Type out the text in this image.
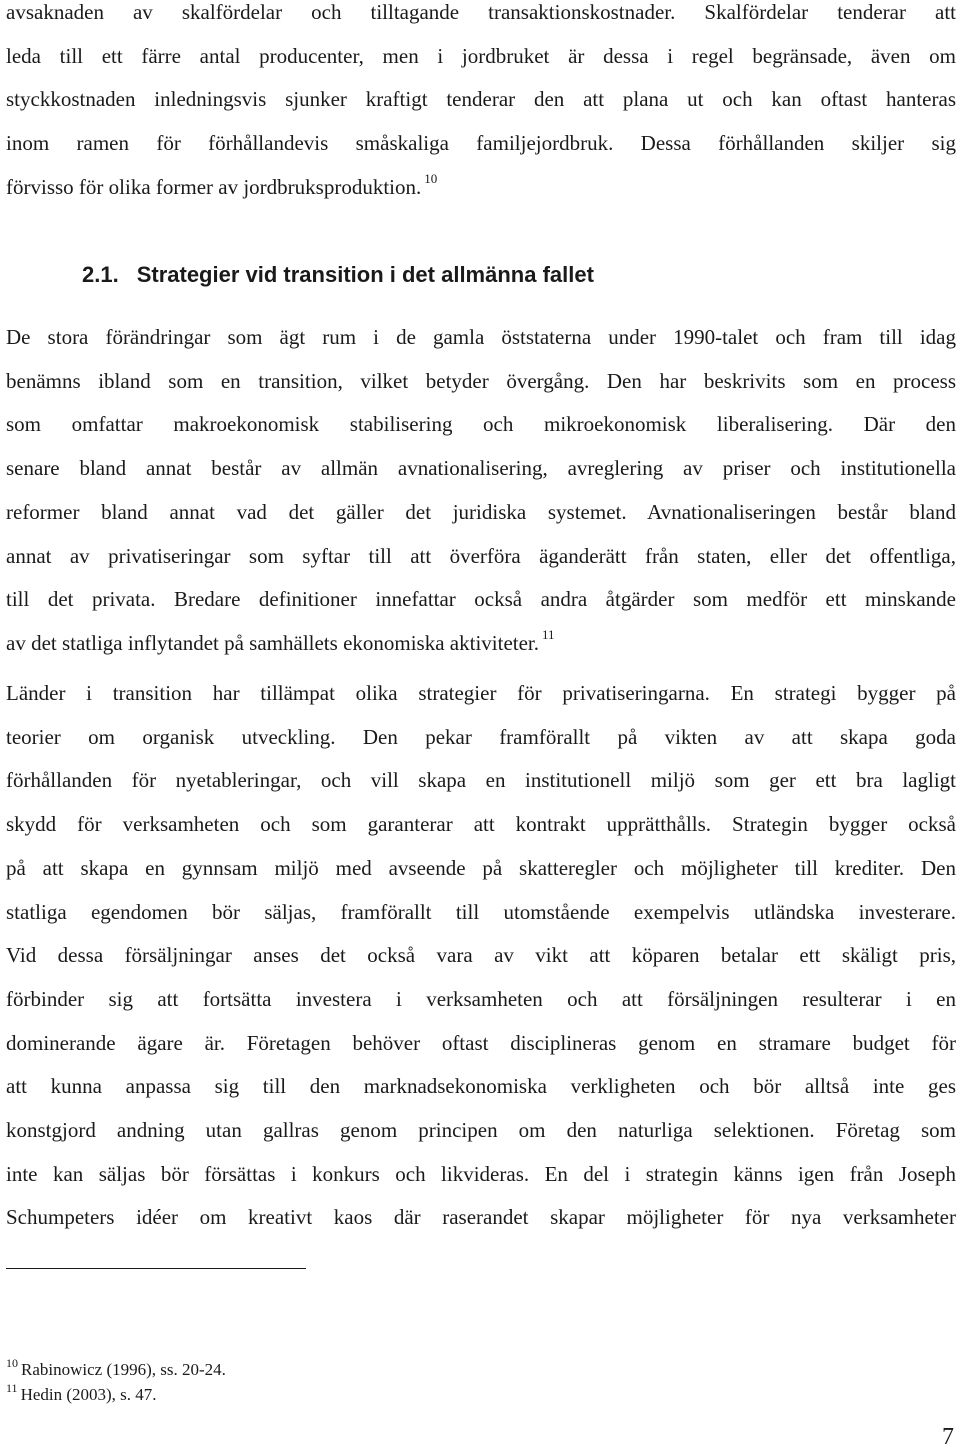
avsaknaden av skalfördelar och tilltagande transaktionskostnader. Skalfördelar tenderar att
leda till ett färre antal producenter, men i jordbruket är dessa i regel begränsade, även om
styckkostnaden inledningsvis sjunker kraftigt tenderar den att plana ut och kan oftast hanteras
inom ramen för förhållandevis småskaliga familjejordbruk. Dessa förhållanden skiljer sig
förvisso för olika former av jordbruksproduktion. $^{10}$
2.1. Strategier vid transition i det allmänna fallet
De stora förändringar som ägt rum i de gamla öststaterna under 1990-talet och fram till idag
benämns ibland som en transition, vilket betyder övergång. Den har beskrivits som en process
som omfattar makroekonomisk stabilisering och mikroekonomisk liberalisering. Där den
senare bland annat består av allmän avnationalisering, avreglering av priser och institutionella
reformer bland annat vad det gäller det juridiska systemet. Avnationaliseringen består bland
annat av privatiseringar som syftar till att överföra äganderätt från staten, eller det offentliga,
till det privata. Bredare definitioner innefattar också andra åtgärder som medför ett minskande
av det statliga inflytandet på samhällets ekonomiska aktiviteter. $^{11}$
Länder i transition har tillämpat olika strategier för privatiseringarna. En strategi bygger på
teorier om organisk utveckling. Den pekar framförallt på vikten av att skapa goda
förhållanden för nyetableringar, och vill skapa en institutionell miljö som ger ett bra lagligt
skydd för verksamheten och som garanterar att kontrakt upprätthålls. Strategin bygger också
på att skapa en gynnsam miljö med avseende på skatteregler och möjligheter till krediter. Den
statliga egendomen bör säljas, framförallt till utomstående exempelvis utländska investerare.
Vid dessa försäljningar anses det också vara av vikt att köparen betalar ett skäligt pris,
förbinder sig att fortsätta investera i verksamheten och att försäljningen resulterar i en
dominerande ägare är. Företagen behöver oftast disciplineras genom en stramare budget för
att kunna anpassa sig till den marknadsekonomiska verkligheten och bör alltså inte ges
konstgjord andning utan gallras genom principen om den naturliga selektionen. Företag som
inte kan säljas bör försättas i konkurs och likvideras. En del i strategin känns igen från Joseph
Schumpeters idéer om kreativt kaos där raserandet skapar möjligheter för nya verksamheter
$^{10}$ Rabinowicz (1996), ss. 20-24.
$^{11}$ Hedin (2003), s. 47.
7
